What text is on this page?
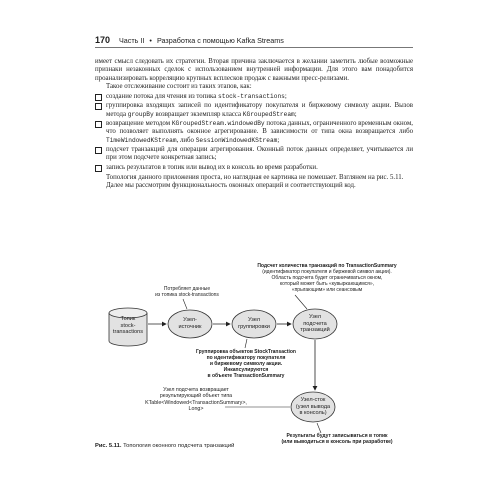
170 Часть II • Разработка с помощью Kafka Streams

имеет смысл следовать их стратегии. Вторая причина заключается в желании заметить любые возможные признаки незаконных сделок с использованием внутренней информации. Для этого вам понадобится проанализировать корреляцию крупных всплесков продаж с важными пресс-релизами.

Такое отслеживание состоит из таких этапов, как:

создание потока для чтения из топика stock-transactions;
группировка входящих записей по идентификатору покупателя и биржевому символу акции. Вызов метода groupBy возвращает экземпляр класса KGroupedStream;
возвращение методом KGroupedStream.windowedBy потока данных, ограниченного временным окном, что позволяет выполнять оконное агрегирование. В зависимости от типа окна возвращается либо TimeWindowedKStream, либо SessionWindowedKStream;
подсчет транзакций для операции агрегирования. Оконный поток данных определяет, учитывается ли при этом подсчете конкретная запись;
запись результатов в топик или вывод их в консоль во время разработки.

Топология данного приложения проста, но наглядная ее картинка не помешает. Взглянем на рис. 5.11.

Далее мы рассмотрим функциональность оконных операций и соответствующий код.

Подсчет количества транзакций по TransactionSummary
(идентификатор покупателя и биржевой символ акции).
Область подсчета будет ограничиваться окном,
который может быть «кувыркающимся»,
«прыгающим» или сеансовым
Потребляет данные
из топика stock-transactions
Топик
stock-
transactions
Узел-
источник
Узел
группировки
Узел
подсчета
транзакций
Группировка объектов StockTransaction
по идентификатору покупателя
и биржевому символу акции.
Инкапсулируются
в объекте TransactionSummary
Узел подсчета возвращает
результирующий объект типа
KTable<Windowed<TransactionSummary>, Long>
Узел-сток
(узел вывода
в консоль)
Результаты будут записываться в топик
(или выводиться в консоль при разработке)
Рис. 5.11. Топология оконного подсчета транзакций
